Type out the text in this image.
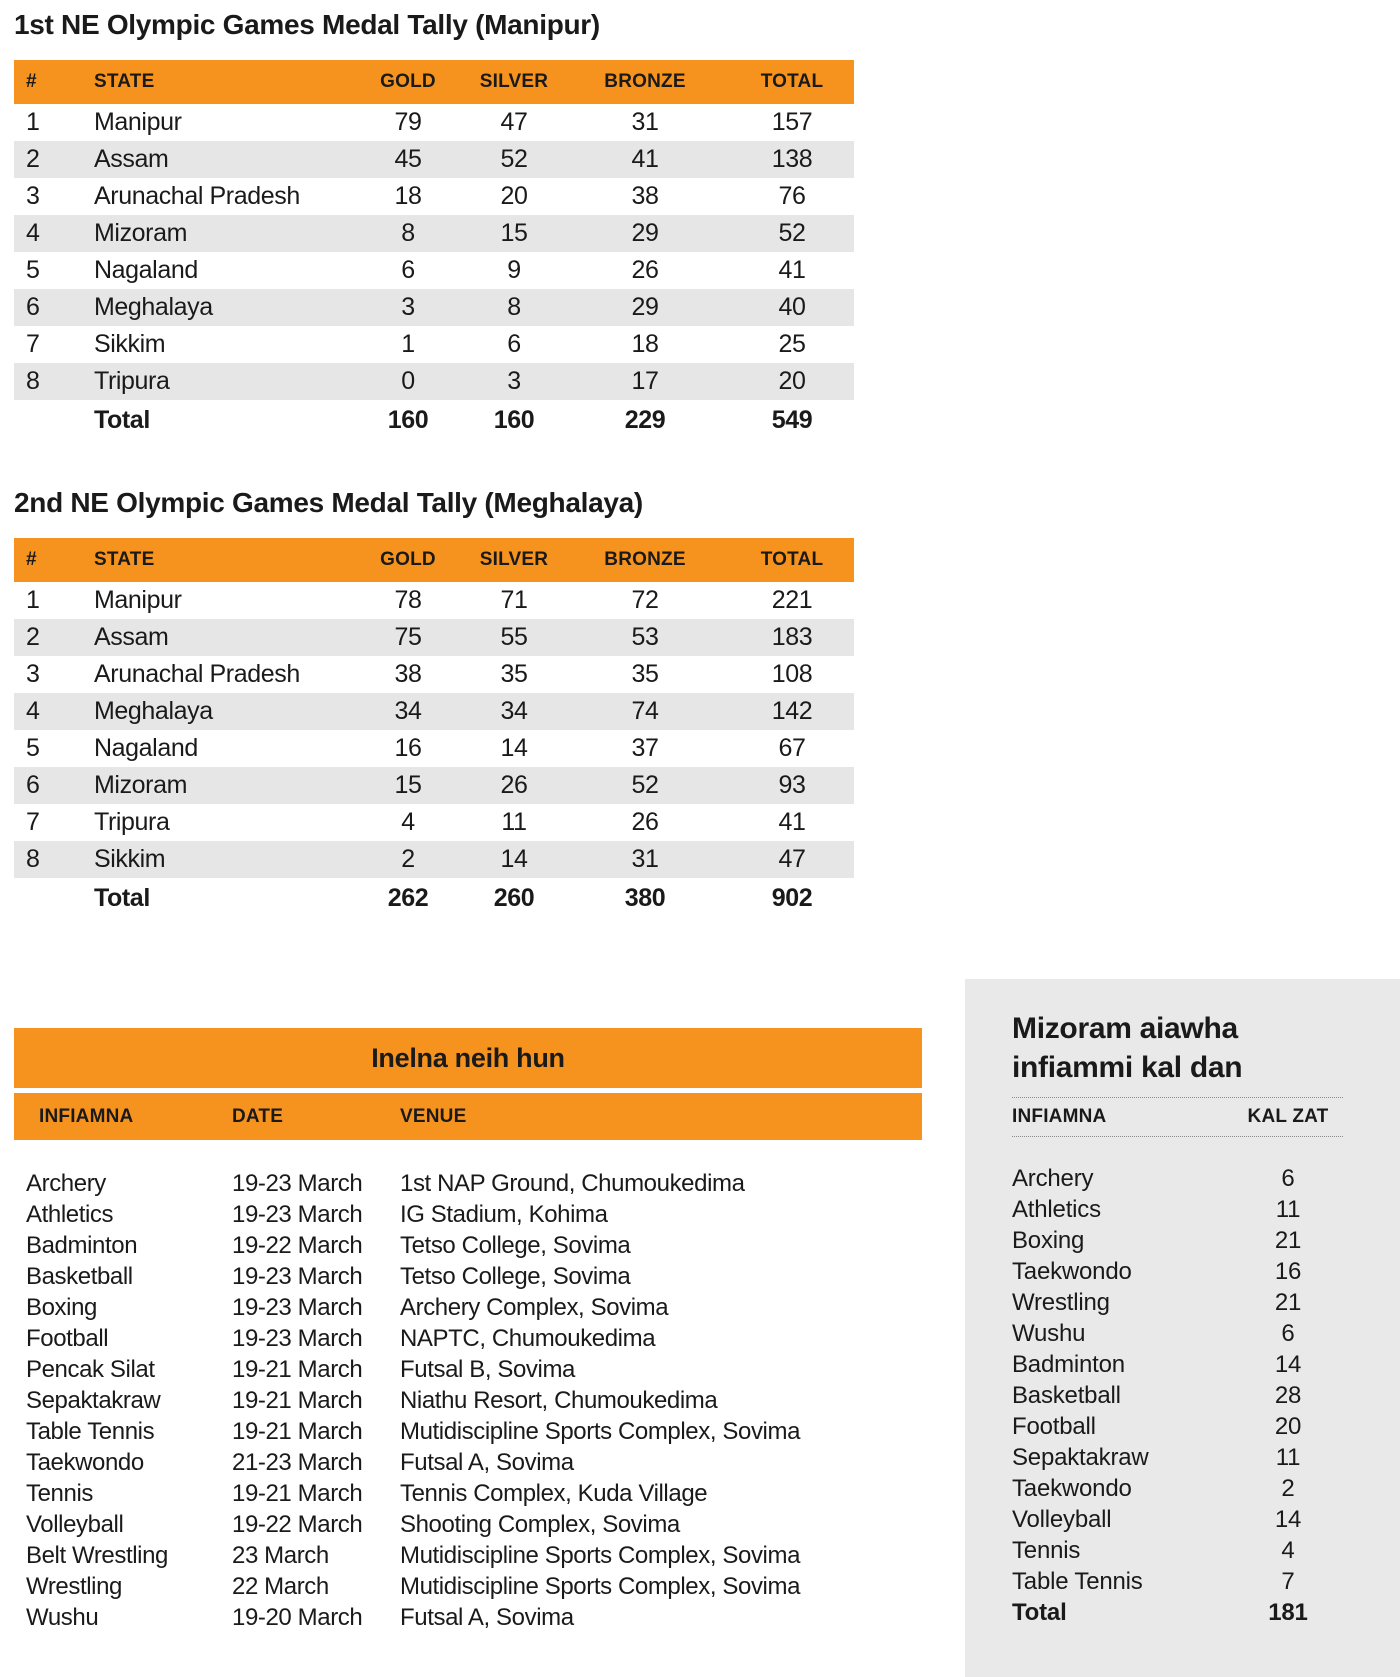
1st NE Olympic Games Medal Tally (Manipur)
#	STATE	GOLD	SILVER	BRONZE	TOTAL
1	Manipur	79	47	31	157
2	Assam	45	52	41	138
3	Arunachal Pradesh	18	20	38	76
4	Mizoram	8	15	29	52
5	Nagaland	6	9	26	41
6	Meghalaya	3	8	29	40
7	Sikkim	1	6	18	25
8	Tripura	0	3	17	20
	Total	160	160	229	549
2nd NE Olympic Games Medal Tally (Meghalaya)
#	STATE	GOLD	SILVER	BRONZE	TOTAL
1	Manipur	78	71	72	221
2	Assam	75	55	53	183
3	Arunachal Pradesh	38	35	35	108
4	Meghalaya	34	34	74	142
5	Nagaland	16	14	37	67
6	Mizoram	15	26	52	93
7	Tripura	4	11	26	41
8	Sikkim	2	14	31	47
	Total	262	260	380	902
Inelna neih hun
INFIAMNA	DATE	VENUE
Archery	19-23 March	1st NAP Ground, Chumoukedima
Athletics	19-23 March	IG Stadium, Kohima
Badminton	19-22 March	Tetso College, Sovima
Basketball	19-23 March	Tetso College, Sovima
Boxing	19-23 March	Archery Complex, Sovima
Football	19-23 March	NAPTC, Chumoukedima
Pencak Silat	19-21 March	Futsal B, Sovima
Sepaktakraw	19-21 March	Niathu Resort, Chumoukedima
Table Tennis	19-21 March	Mutidiscipline Sports Complex, Sovima
Taekwondo	21-23 March	Futsal A, Sovima
Tennis	19-21 March	Tennis Complex, Kuda Village
Volleyball	19-22 March	Shooting Complex, Sovima
Belt Wrestling	23 March	Mutidiscipline Sports Complex, Sovima
Wrestling	22 March	Mutidiscipline Sports Complex, Sovima
Wushu	19-20 March	Futsal A, Sovima
Mizoram aiawha
infiammi kal dan
INFIAMNA	KAL ZAT
Archery	6
Athletics	11
Boxing	21
Taekwondo	16
Wrestling	21
Wushu	6
Badminton	14
Basketball	28
Football	20
Sepaktakraw	11
Taekwondo	2
Volleyball	14
Tennis	4
Table Tennis	7
Total	181
